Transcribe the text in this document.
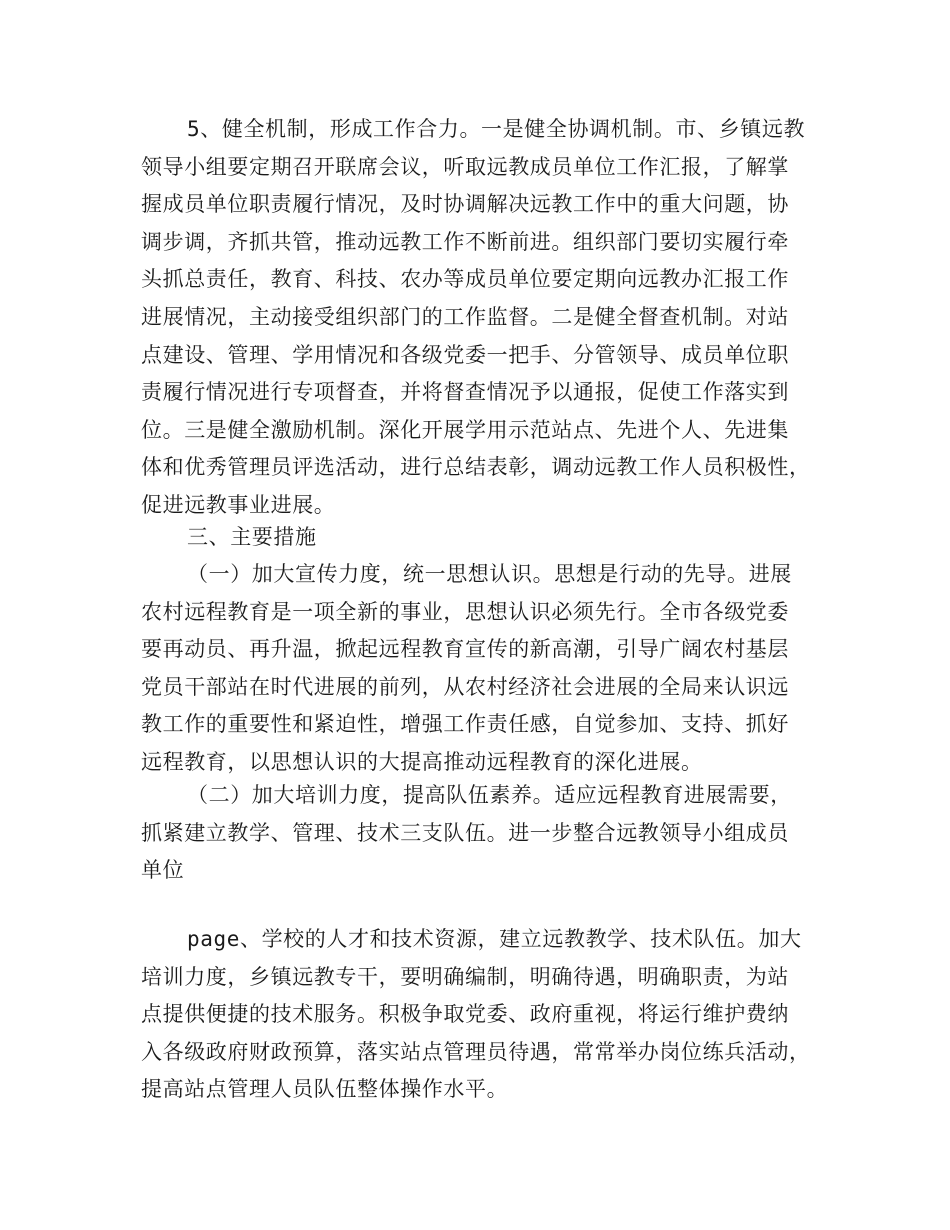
5、健全机制，形成工作合力。一是健全协调机制。市、乡镇远教
领导小组要定期召开联席会议，听取远教成员单位工作汇报，了解掌
握成员单位职责履行情况，及时协调解决远教工作中的重大问题，协
调步调，齐抓共管，推动远教工作不断前进。组织部门要切实履行牵
头抓总责任，教育、科技、农办等成员单位要定期向远教办汇报工作
进展情况，主动接受组织部门的工作监督。二是健全督查机制。对站
点建设、管理、学用情况和各级党委一把手、分管领导、成员单位职
责履行情况进行专项督查，并将督查情况予以通报，促使工作落实到
位。三是健全激励机制。深化开展学用示范站点、先进个人、先进集
体和优秀管理员评选活动，进行总结表彰，调动远教工作人员积极性，
促进远教事业进展。
三、主要措施
（一）加大宣传力度，统一思想认识。思想是行动的先导。进展
农村远程教育是一项全新的事业，思想认识必须先行。全市各级党委
要再动员、再升温，掀起远程教育宣传的新高潮，引导广阔农村基层
党员干部站在时代进展的前列，从农村经济社会进展的全局来认识远
教工作的重要性和紧迫性，增强工作责任感，自觉参加、支持、抓好
远程教育，以思想认识的大提高推动远程教育的深化进展。
（二）加大培训力度，提高队伍素养。适应远程教育进展需要，
抓紧建立教学、管理、技术三支队伍。进一步整合远教领导小组成员
单位
page、学校的人才和技术资源，建立远教教学、技术队伍。加大
培训力度，乡镇远教专干，要明确编制，明确待遇，明确职责，为站
点提供便捷的技术服务。积极争取党委、政府重视，将运行维护费纳
入各级政府财政预算，落实站点管理员待遇，常常举办岗位练兵活动，
提高站点管理人员队伍整体操作水平。
